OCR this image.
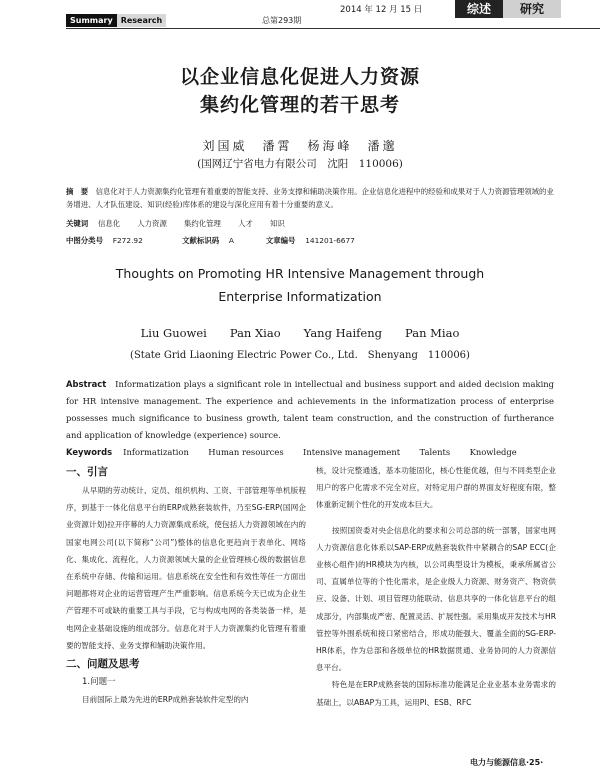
Summary	Research	总第293期
2014 年 12 月 15 日	综述	研究
以企业信息化促进人力资源
集约化管理的若干思考
刘国威　潘霄　杨海峰　潘邈
(国网辽宁省电力有限公司　沈阳　110006)
摘　要　 信息化对于人力资源集约化管理有着重要的智能支持、业务支撑和辅助决策作用。企业信息化进程中的经验和成果对于人力资源管理领域的业务增进、人才队伍建设、知识(经验)库体系的建设与深化应用有着十分重要的意义。
关键词　 信息化　　 人力资源　　 集约化管理　　 人才　　 知识
中图分类号　 F272.92　　　　　	文献标识码　 A　　　　	文章编号　 141201-6677
Thoughts on Promoting HR Intensive Management through
Enterprise Informatization
Liu Guowei　　Pan Xiao　　Yang Haifeng　　Pan Miao
(State Grid Liaoning Electric Power Co., Ltd.　Shenyang　110006)
Abstract　 Informatization plays a significant role in intellectual and business support and aided decision making for HR intensive management. The experience and achievements in the informatization process of enterprise possesses much significance to business growth, talent team construction, and the construction of furtherance and application of knowledge (experience) source.
Keywords　 Informatization　　 Human resources　　 Intensive management　　 Talents　　 Knowledge
一、引言

从早期的劳动统计、定员、组织机构、工资、干部管理等单机版程序，到基于一体化信息平台的ERP成熟套装软件，乃至SG-ERP(国网企业资源计划)拉开序幕的人力资源集成系统，使包括人力资源领域在内的国家电网公司(以下简称“公司”)整体的信息化更趋向于表单化、网络化、集成化、流程化，人力资源领域大量的企业管理核心级的数据信息在系统中存储、传输和运用。信息系统在安全性和有效性等任一方面出问题都将对企业的运营管理产生严重影响。信息系统今天已成为企业生产管理不可或缺的重要工具与手段，它与构成电网的各类装备一样，是电网企业基础设施的组成部分。信息化对于人力资源集约化管理有着重要的智能支持、业务支撑和辅助决策作用。

二、问题及思考
1.问题一

目前国际上最为先进的ERP成熟套装软件定型的内

核，设计完整通透，基本功能固化，核心性能优越，但与不同类型企业用户的客户化需求不完全对应，对特定用户群的界面友好程度有限，整体重新定制个性化的开发成本巨大。

按照国资委对央企信息化的要求和公司总部的统一部署，国家电网人力资源信息化体系以SAP-ERP成熟套装软件中紧耦合的SAP ECC(企业核心组件)的HR模块为内核，以公司典型设计为模板，秉承所属省公司、直属单位等的个性化需求，是企业级人力资源、财务资产、物资供应、设备、计划、项目管理功能联动、信息共享的一体化信息平台的组成部分，内部集成严密、配置灵活、扩展性强。采用集成开发技术与HR管控等外围系统和接口紧密结合，形成功能强大、覆盖全面的SG-ERP-HR体系，作为总部和各级单位的HR数据贯通、业务协同的人力资源信息平台。

特色是在ERP成熟套装的国际标准功能满足企业业基本业务需求的基础上，以ABAP为工具，运用PI、ESB、RFC

电力与能源信息·25·
